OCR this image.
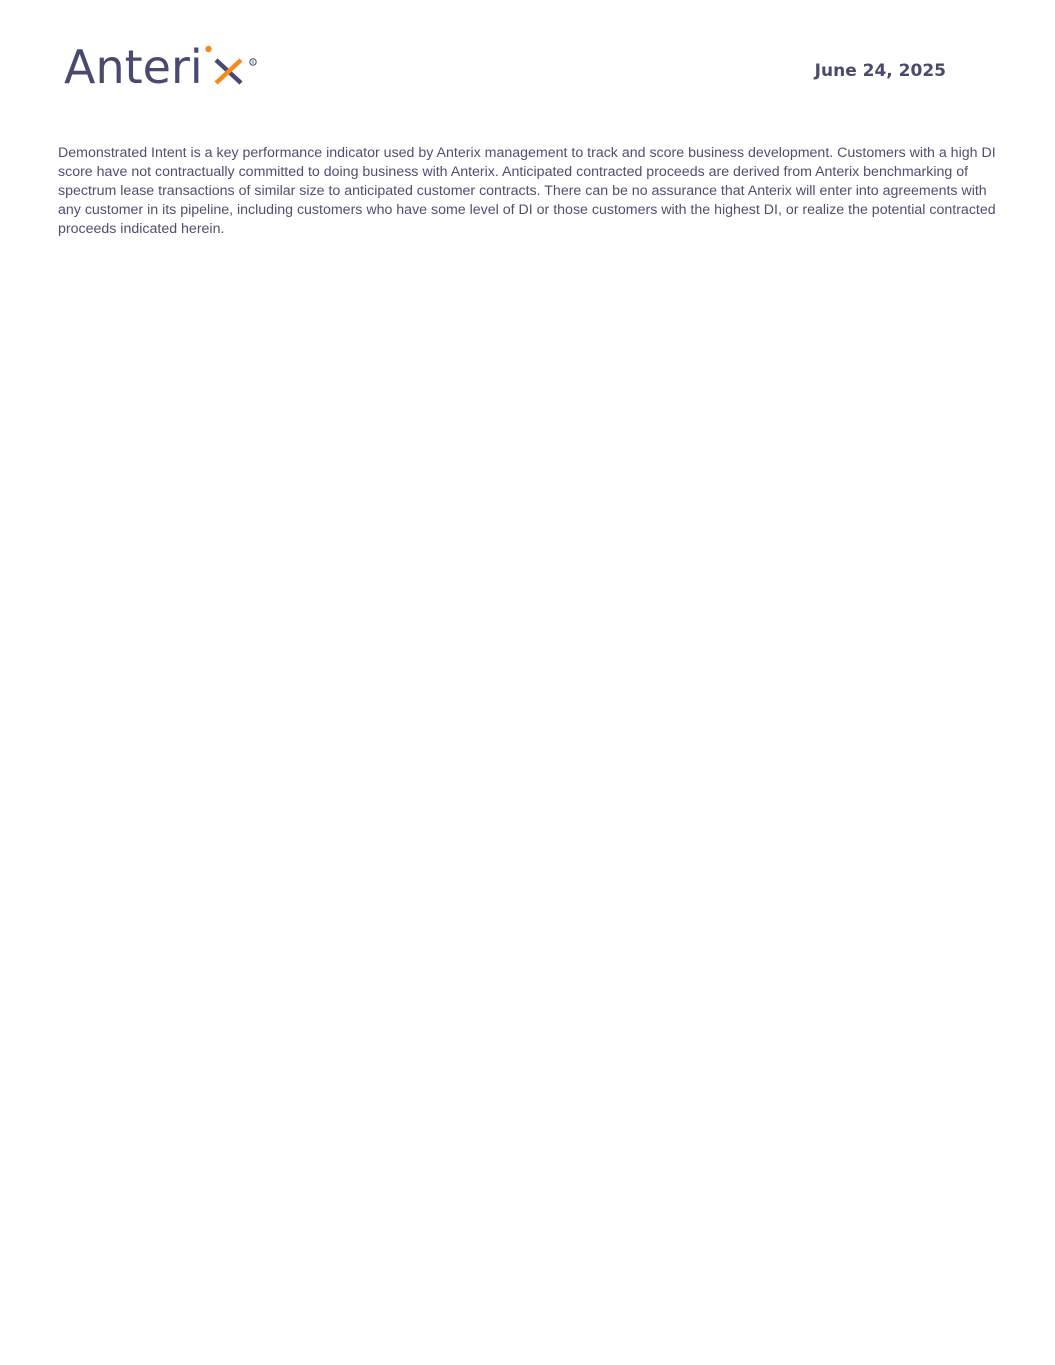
Anteri	R	June 24, 2025

Demonstrated Intent is a key performance indicator used by Anterix management to track and score business development. Customers with a high DI score have not contractually committed to doing business with Anterix. Anticipated contracted proceeds are derived from Anterix benchmarking of spectrum lease transactions of similar size to anticipated customer contracts. There can be no assurance that Anterix will enter into agreements with any customer in its pipeline, including customers who have some level of DI or those customers with the highest DI, or realize the potential contracted proceeds indicated herein.
